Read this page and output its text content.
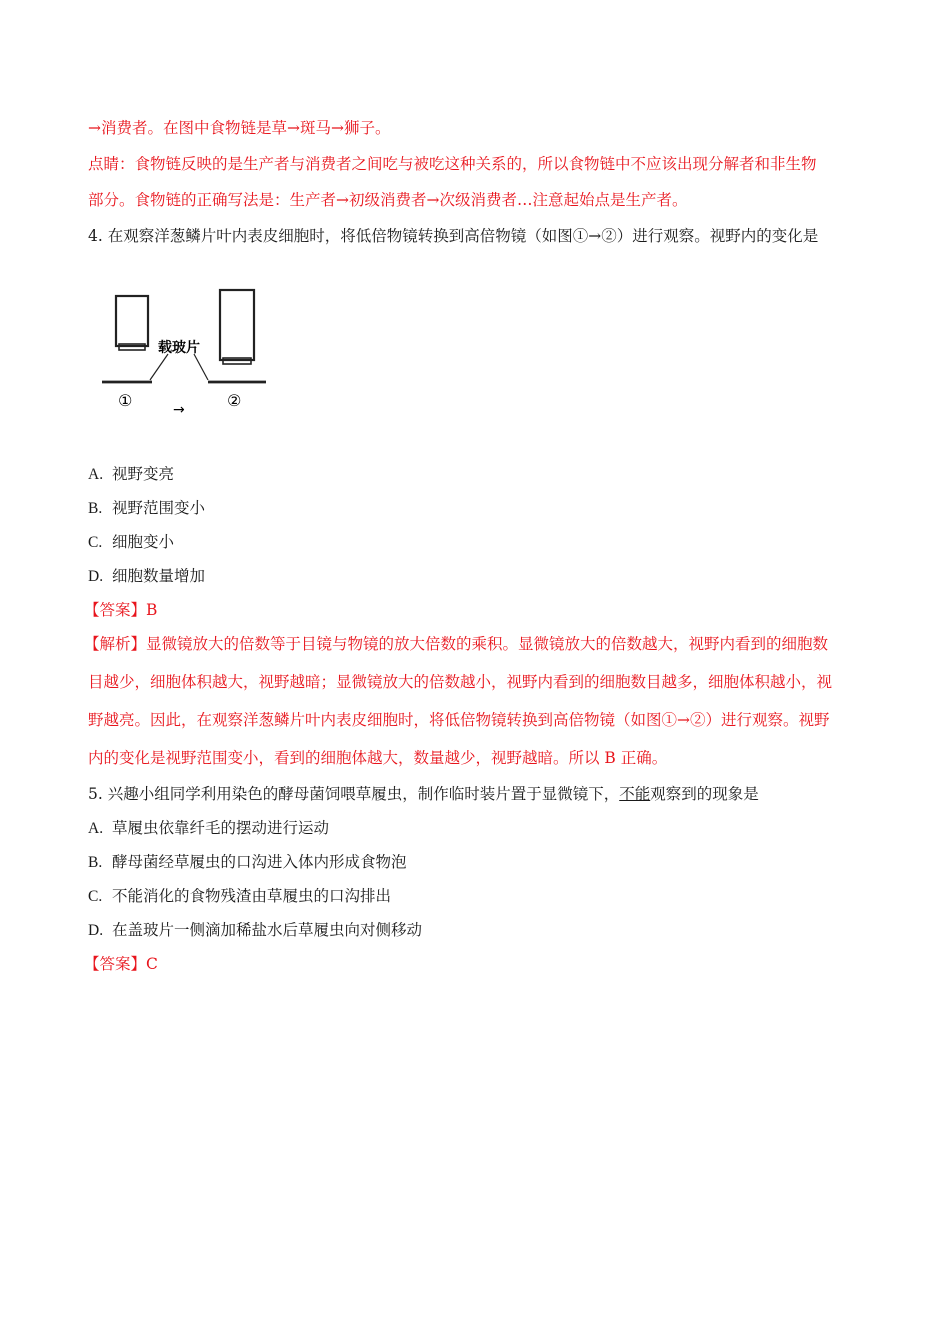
→消费者。在图中食物链是草→斑马→狮子。
点睛：食物链反映的是生产者与消费者之间吃与被吃这种关系的，所以食物链中不应该出现分解者和非生物
部分。食物链的正确写法是：生产者→初级消费者→次级消费者…注意起始点是生产者。
4. 在观察洋葱鳞片叶内表皮细胞时，将低倍物镜转换到高倍物镜（如图①→②）进行观察。视野内的变化是
载玻片
①	→	②
A. 视野变亮
B. 视野范围变小
C. 细胞变小
D. 细胞数量增加
【答案】B
【解析】显微镜放大的倍数等于目镜与物镜的放大倍数的乘积。显微镜放大的倍数越大，视野内看到的细胞数
目越少，细胞体积越大，视野越暗；显微镜放大的倍数越小，视野内看到的细胞数目越多，细胞体积越小，视
野越亮。因此，在观察洋葱鳞片叶内表皮细胞时，将低倍物镜转换到高倍物镜（如图①→②）进行观察。视野
内的变化是视野范围变小，看到的细胞体越大，数量越少，视野越暗。所以 B 正确。
5. 兴趣小组同学利用染色的酵母菌饲喂草履虫，制作临时装片置于显微镜下，不能观察到的现象是
A. 草履虫依靠纤毛的摆动进行运动
B. 酵母菌经草履虫的口沟进入体内形成食物泡
C. 不能消化的食物残渣由草履虫的口沟排出
D. 在盖玻片一侧滴加稀盐水后草履虫向对侧移动
【答案】C
